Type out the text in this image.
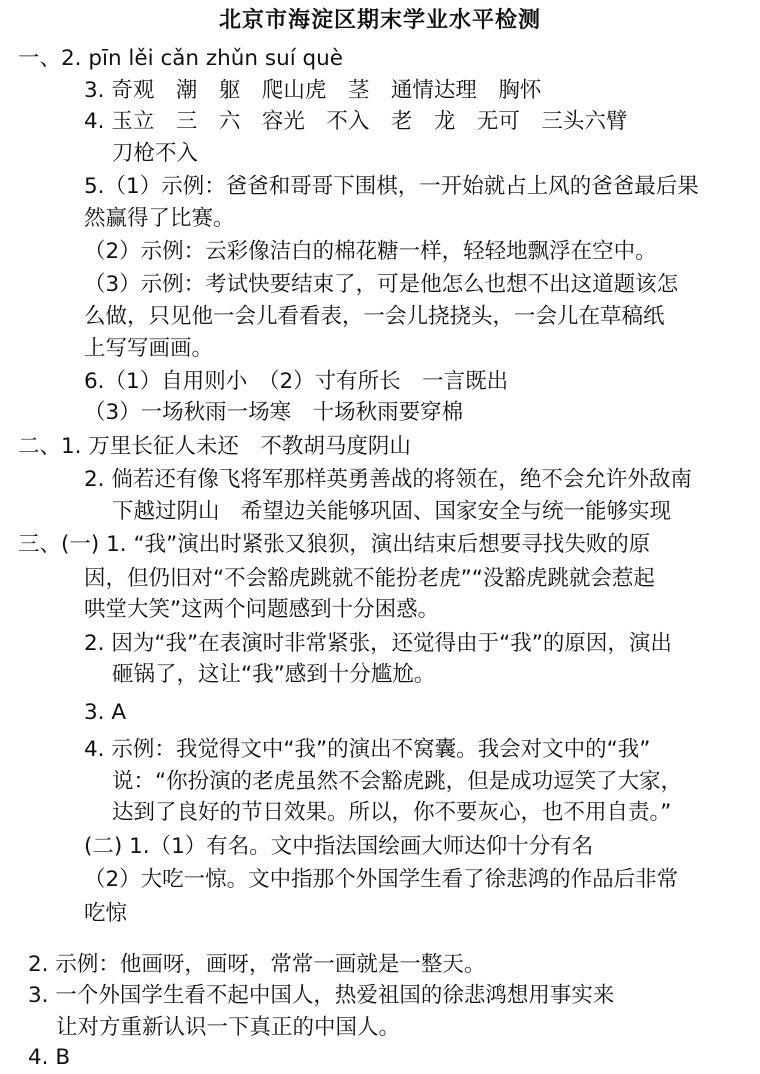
北京市海淀区期末学业水平检测
一、2. pīn lěi cǎn zhǔn suí què
3. 奇观　潮　躯　爬山虎　茎　通情达理　胸怀
4. 玉立　三　六　容光　不入　老　龙　无可　三头六臂
刀枪不入
5.（1）示例：爸爸和哥哥下围棋，一开始就占上风的爸爸最后果
然赢得了比赛。
（2）示例：云彩像洁白的棉花糖一样，轻轻地飘浮在空中。
（3）示例：考试快要结束了，可是他怎么也想不出这道题该怎
么做，只见他一会儿看看表，一会儿挠挠头，一会儿在草稿纸
上写写画画。
6.（1）自用则小　（2）寸有所长　一言既出
（3）一场秋雨一场寒　十场秋雨要穿棉
二、1. 万里长征人未还　不教胡马度阴山
2. 倘若还有像飞将军那样英勇善战的将领在，绝不会允许外敌南
下越过阴山　希望边关能够巩固、国家安全与统一能够实现
三、(一) 1. “我”演出时紧张又狼狈，演出结束后想要寻找失败的原
因，但仍旧对“不会豁虎跳就不能扮老虎”“没豁虎跳就会惹起
哄堂大笑”这两个问题感到十分困惑。
2. 因为“我”在表演时非常紧张，还觉得由于“我”的原因，演出
砸锅了，这让“我”感到十分尴尬。
3. A
4. 示例：我觉得文中“我”的演出不窝囊。我会对文中的“我”
说：“你扮演的老虎虽然不会豁虎跳，但是成功逗笑了大家，
达到了良好的节日效果。所以，你不要灰心，也不用自责。”
(二) 1.（1）有名。文中指法国绘画大师达仰十分有名
（2）大吃一惊。文中指那个外国学生看了徐悲鸿的作品后非常
吃惊
2. 示例：他画呀，画呀，常常一画就是一整天。
3. 一个外国学生看不起中国人，热爱祖国的徐悲鸿想用事实来
让对方重新认识一下真正的中国人。
4. B
